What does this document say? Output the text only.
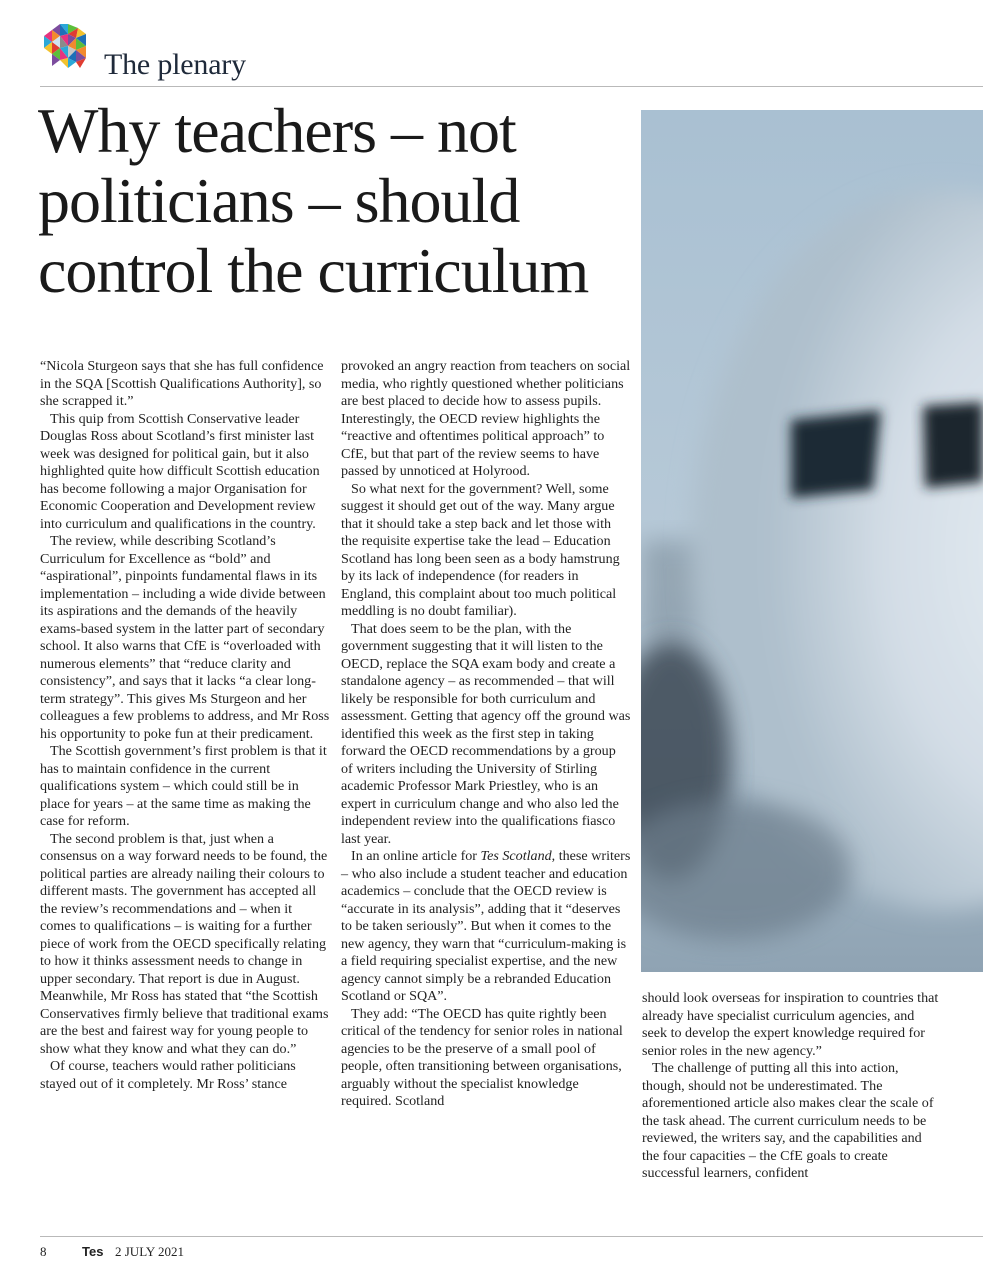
The plenary
Why teachers – not politicians – should control the curriculum

“Nicola Sturgeon says that she has full confidence in the SQA [Scottish Qualifications Authority], so she scrapped it.”

This quip from Scottish Conservative leader Douglas Ross about Scotland’s first minister last week was designed for political gain, but it also highlighted quite how difficult Scottish education has become following a major Organisation for Economic Cooperation and Development review into curriculum and qualifications in the country.

The review, while describing Scotland’s Curriculum for Excellence as “bold” and “aspirational”, pinpoints fundamental flaws in its implementation – including a wide divide between its aspirations and the demands of the heavily exams-based system in the latter part of secondary school. It also warns that CfE is “overloaded with numerous elements” that “reduce clarity and consistency”, and says that it lacks “a clear long-term strategy”. This gives Ms Sturgeon and her colleagues a few problems to address, and Mr Ross his opportunity to poke fun at their predicament.

The Scottish government’s first problem is that it has to maintain confidence in the current qualifications system – which could still be in place for years – at the same time as making the case for reform.

The second problem is that, just when a consensus on a way forward needs to be found, the political parties are already nailing their colours to different masts. The government has accepted all the review’s recommendations and – when it comes to qualifications – is waiting for a further piece of work from the OECD specifically relating to how it thinks assessment needs to change in upper secondary. That report is due in August. Meanwhile, Mr Ross has stated that “the Scottish Conservatives firmly believe that traditional exams are the best and fairest way for young people to show what they know and what they can do.”

Of course, teachers would rather politicians stayed out of it completely. Mr Ross’ stance

provoked an angry reaction from teachers on social media, who rightly questioned whether politicians are best placed to decide how to assess pupils. Interestingly, the OECD review highlights the “reactive and oftentimes political approach” to CfE, but that part of the review seems to have passed by unnoticed at Holyrood.

So what next for the government? Well, some suggest it should get out of the way. Many argue that it should take a step back and let those with the requisite expertise take the lead – Education Scotland has long been seen as a body hamstrung by its lack of independence (for readers in England, this complaint about too much political meddling is no doubt familiar).

That does seem to be the plan, with the government suggesting that it will listen to the OECD, replace the SQA exam body and create a standalone agency – as recommended – that will likely be responsible for both curriculum and assessment. Getting that agency off the ground was identified this week as the first step in taking forward the OECD recommendations by a group of writers including the University of Stirling academic Professor Mark Priestley, who is an expert in curriculum change and who also led the independent review into the qualifications fiasco last year.

In an online article for Tes Scotland, these writers – who also include a student teacher and education academics – conclude that the OECD review is “accurate in its analysis”, adding that it “deserves to be taken seriously”. But when it comes to the new agency, they warn that “curriculum-making is a field requiring specialist expertise, and the new agency cannot simply be a rebranded Education Scotland or SQA”.

They add: “The OECD has quite rightly been critical of the tendency for senior roles in national agencies to be the preserve of a small pool of people, often transitioning between organisations, arguably without the specialist knowledge required. Scotland

should look overseas for inspiration to countries that already have specialist curriculum agencies, and seek to develop the expert knowledge required for senior roles in the new agency.”

The challenge of putting all this into action, though, should not be underestimated. The aforementioned article also makes clear the scale of the task ahead. The current curriculum needs to be reviewed, the writers say, and the capabilities and the four capacities – the CfE goals to create successful learners, confident

8	Tes 2 JULY 2021
